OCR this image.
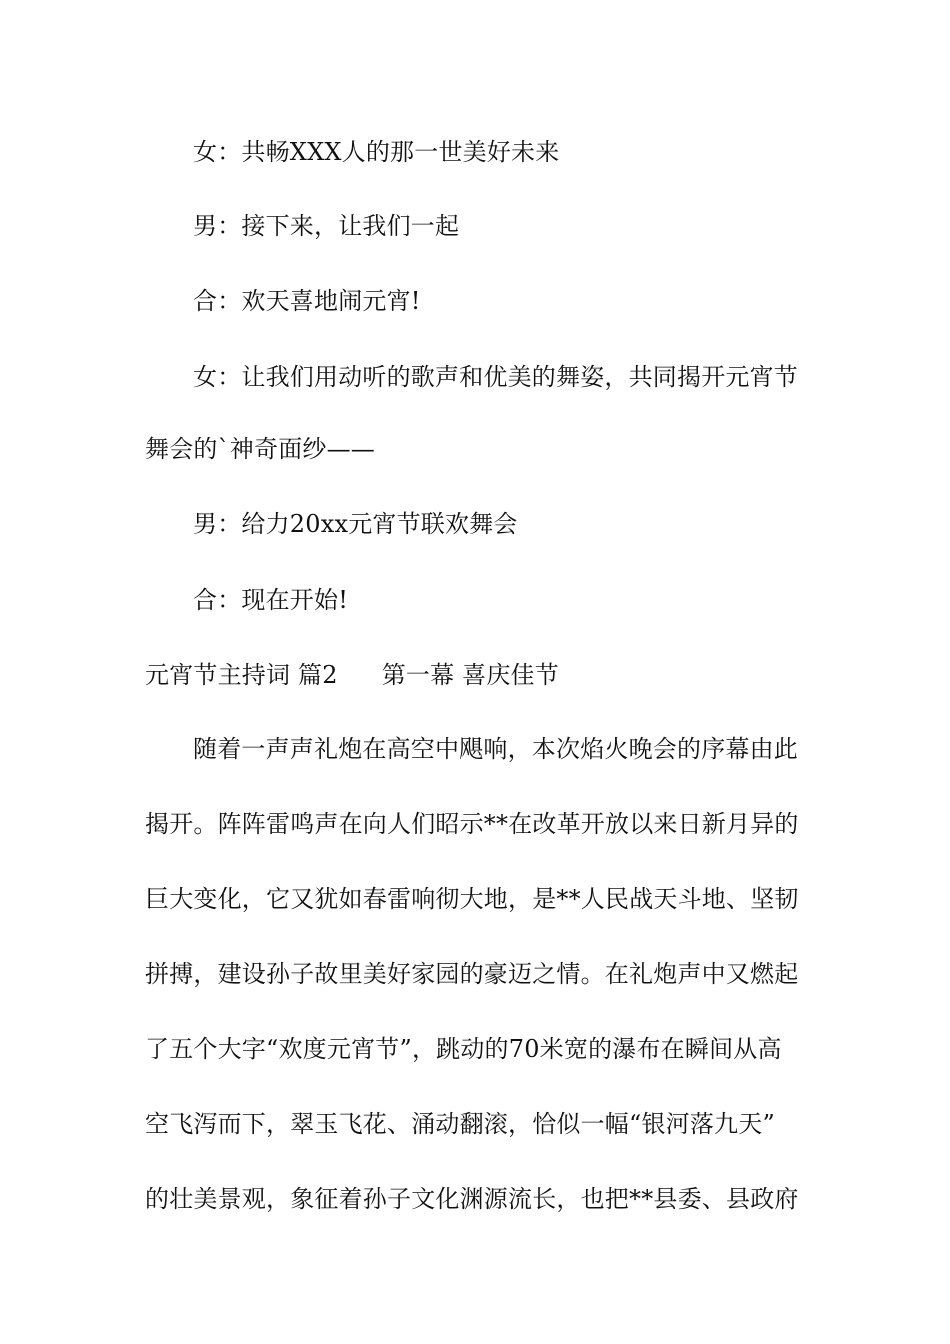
女：共畅XXX人的那一世美好未来
男：接下来，让我们一起
合：欢天喜地闹元宵!
女：让我们用动听的歌声和优美的舞姿，共同揭开元宵节
舞会的`神奇面纱——
男：给力20xx元宵节联欢舞会
合：现在开始!
元宵节主持词 篇2 第一幕 喜庆佳节
随着一声声礼炮在高空中飓响，本次焰火晚会的序幕由此
揭开。阵阵雷鸣声在向人们昭示**在改革开放以来日新月异的
巨大变化，它又犹如春雷响彻大地，是**人民战天斗地、坚韧
拼搏，建设孙子故里美好家园的豪迈之情。在礼炮声中又燃起
了五个大字“欢度元宵节”，跳动的70米宽的瀑布在瞬间从高
空飞泻而下，翠玉飞花、涌动翻滚，恰似一幅“银河落九天”
的壮美景观，象征着孙子文化渊源流长，也把**县委、县政府
